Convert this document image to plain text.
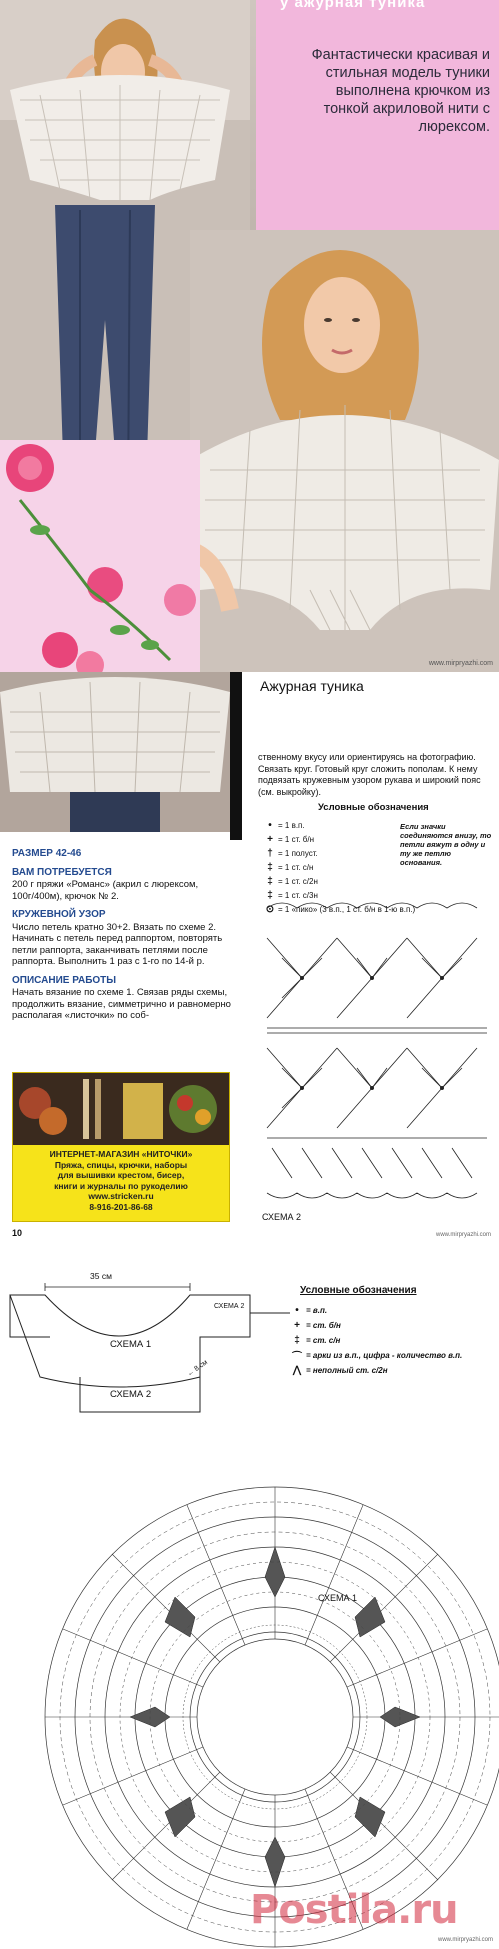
у ажурная туника
Фантастически красивая и стильная модель туники выполнена крючком из тонкой акриловой нити с люрексом.
www.mirpryazhi.com
Ажурная туника
РАЗМЕР 42-46
ВАМ ПОТРЕБУЕТСЯ
200 г пряжи «Романс» (акрил с люрексом, 100г/400м), крючок № 2.
КРУЖЕВНОЙ УЗОР
Число петель кратно 30+2. Вязать по схеме 2. Начинать с петель перед раппортом, повторять петли раппорта, заканчивать петлями после раппорта. Выполнить 1 раз с 1-го по 14-й р.
ОПИСАНИЕ РАБОТЫ
Начать вязание по схеме 1. Связав ряды схемы, продолжить вязание, симметрично и равномерно располагая «листочки» по соб-
ИНТЕРНЕТ-МАГАЗИН «НИТОЧКИ»
Пряжа, спицы, крючки, наборы
для вышивки крестом, бисер,
книги и журналы по рукоделию
www.stricken.ru
8-916-201-86-68
ственному вкусу или ориентируясь на фотографию. Связать круг. Готовый круг сложить пополам. К нему подвязать кружевным узором рукава и широкий пояс (см. выкройку).
Условные обозначения
• = 1 в.п.
+ = 1 ст. б/н
† = 1 полуст.
‡ = 1 ст. с/н
‡ = 1 ст. с/2н
‡ = 1 ст. с/3н
⊙ = 1 «пико» (3 в.п., 1 ст. б/н в 1-ю в.п.)
Если значки соединяются внизу, то петли вяжут в одну и ту же петлю основания.
СХЕМА 2
10	www.mirpryazhi.com
35 см
СХЕМА 1
СХЕМА 2
СХЕМА 2
← 8 см
СХЕМА 1
Условные обозначения
• = в.п.
+ = ст. б/н
‡ = ст. с/н
⌒ = арки из в.п., цифра - количество в.п.
⋀ = неполный ст. с/2н
Postila.ru
www.mirpryazhi.com
